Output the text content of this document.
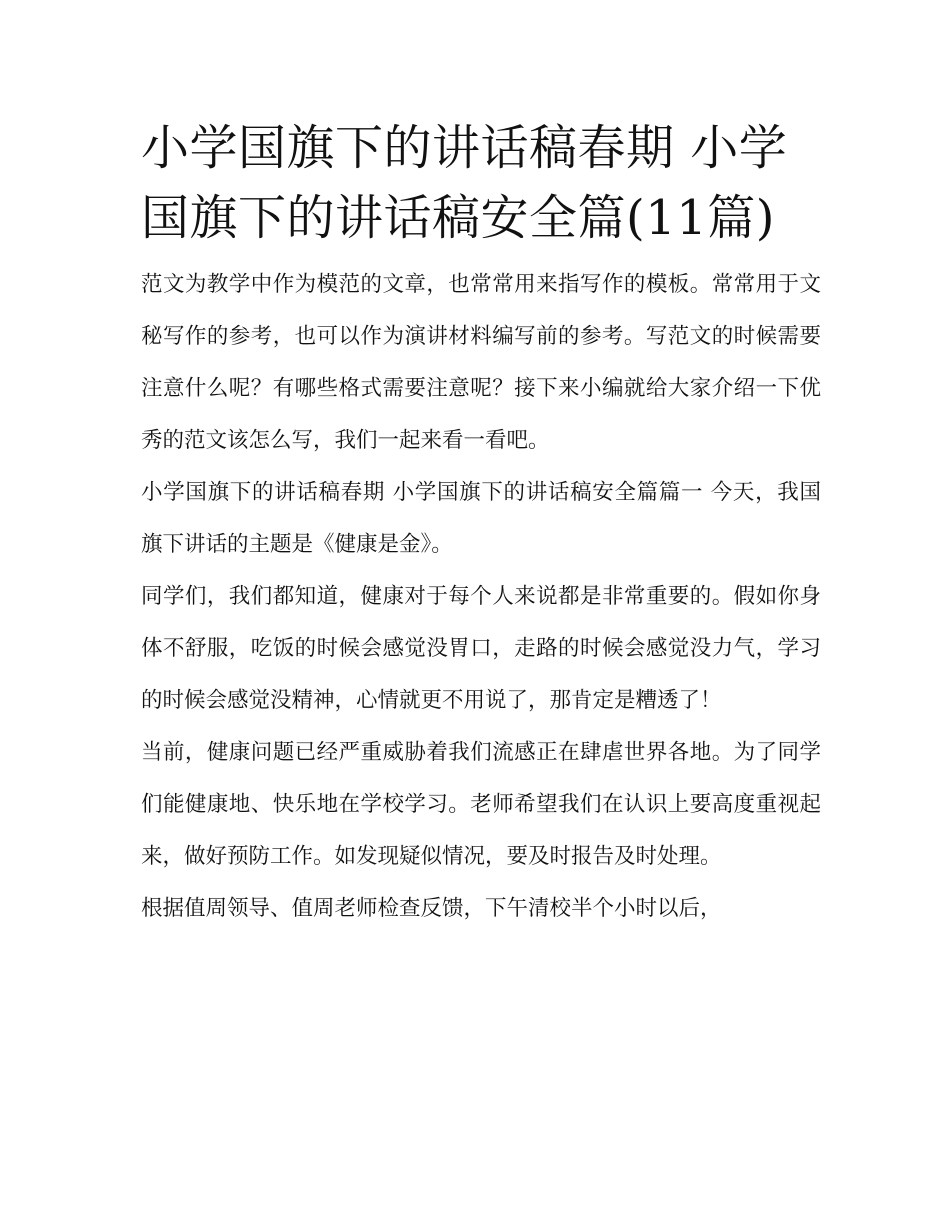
小学国旗下的讲话稿春期 小学国旗下的讲话稿安全篇(11篇)

范文为教学中作为模范的文章，也常常用来指写作的模板。常常用于文秘写作的参考，也可以作为演讲材料编写前的参考。写范文的时候需要注意什么呢？有哪些格式需要注意呢？接下来小编就给大家介绍一下优秀的范文该怎么写，我们一起来看一看吧。

小学国旗下的讲话稿春期 小学国旗下的讲话稿安全篇篇一 今天，我国旗下讲话的主题是《健康是金》。

同学们，我们都知道，健康对于每个人来说都是非常重要的。假如你身体不舒服，吃饭的时候会感觉没胃口，走路的时候会感觉没力气，学习的时候会感觉没精神，心情就更不用说了，那肯定是糟透了！

当前，健康问题已经严重威胁着我们流感正在肆虐世界各地。为了同学们能健康地、快乐地在学校学习。老师希望我们在认识上要高度重视起来，做好预防工作。如发现疑似情况，要及时报告及时处理。

根据值周领导、值周老师检查反馈，下午清校半个小时以后，
